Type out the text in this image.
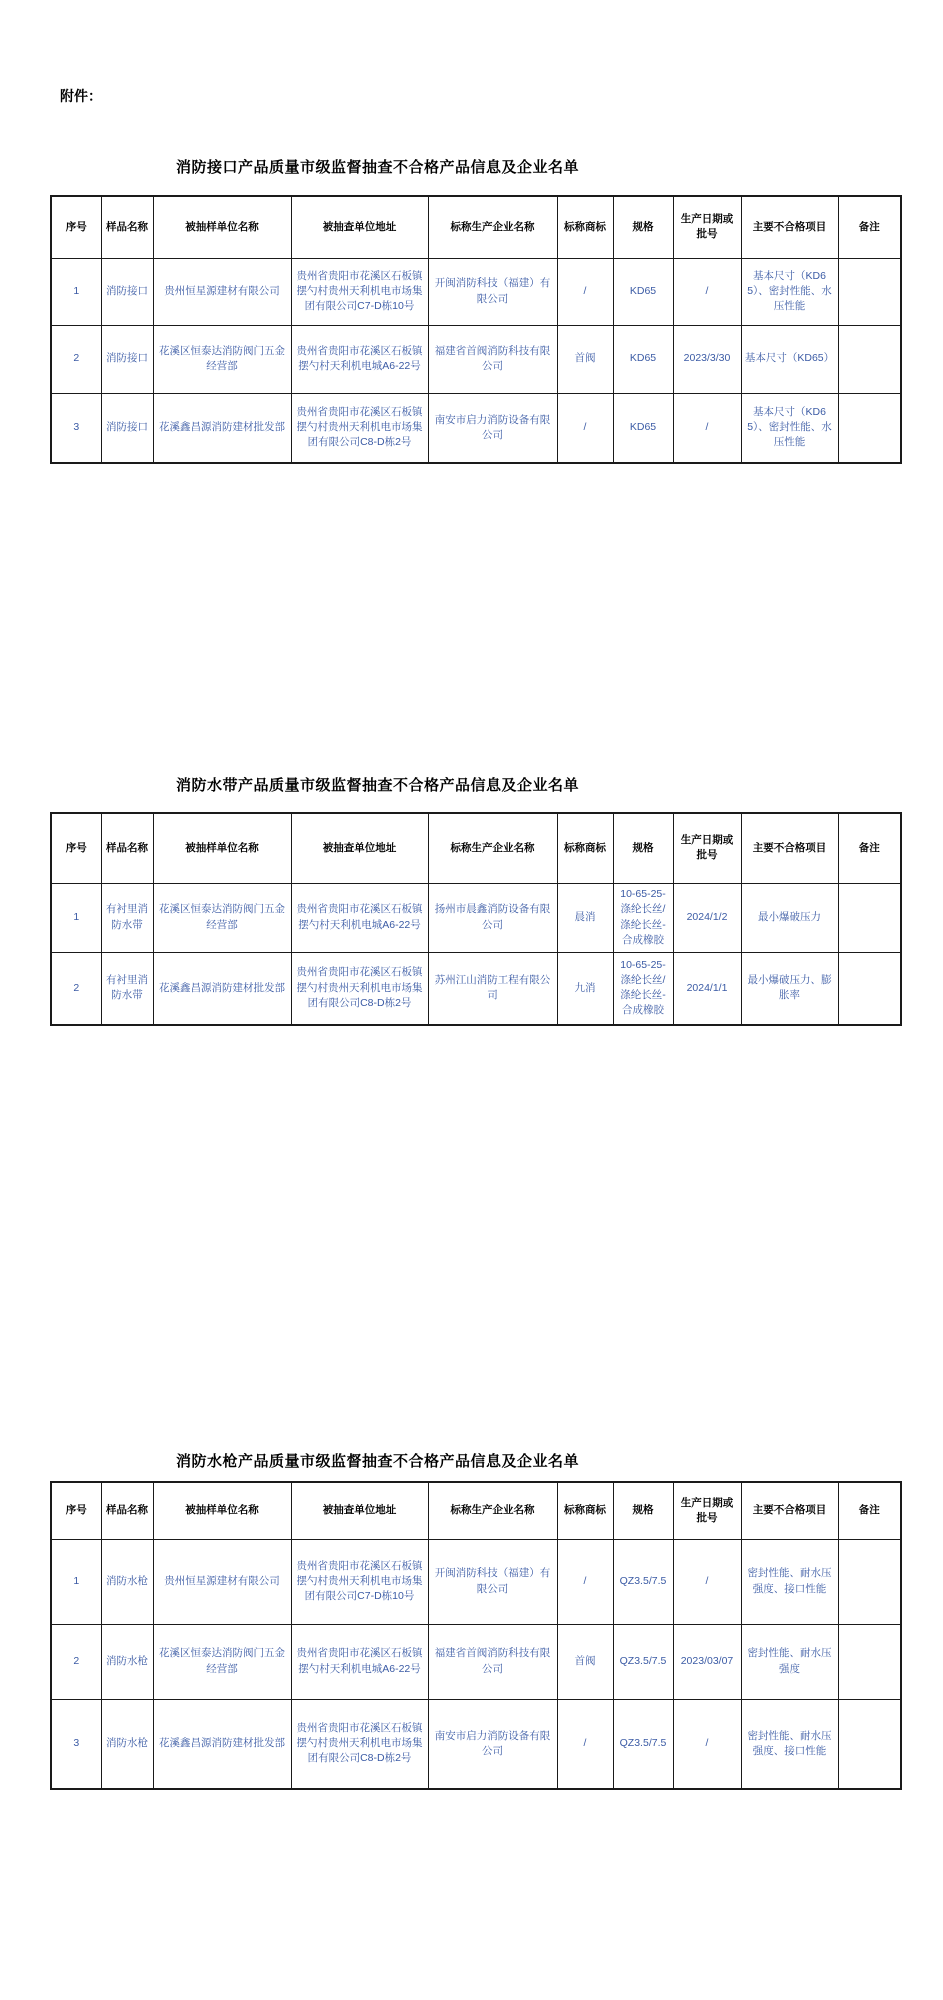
附件：
消防接口产品质量市级监督抽查不合格产品信息及企业名单
序号	样品名称	被抽样单位名称	被抽查单位地址	标称生产企业名称	标称商标	规格	生产日期或批号	主要不合格项目	备注
1	消防接口	贵州恒星源建材有限公司	贵州省贵阳市花溪区石板镇摆勺村贵州天利机电市场集团有限公司C7-D栋10号	开闽消防科技（福建）有限公司	/	KD65	/	基本尺寸（KD65）、密封性能、水压性能	
2	消防接口	花溪区恒泰达消防阀门五金经营部	贵州省贵阳市花溪区石板镇摆勺村天利机电城A6-22号	福建省首阀消防科技有限公司	首阀	KD65	2023/3/30	基本尺寸（KD65）	
3	消防接口	花溪鑫昌源消防建材批发部	贵州省贵阳市花溪区石板镇摆勺村贵州天利机电市场集团有限公司C8-D栋2号	南安市启力消防设备有限公司	/	KD65	/	基本尺寸（KD65）、密封性能、水压性能	
消防水带产品质量市级监督抽查不合格产品信息及企业名单
序号	样品名称	被抽样单位名称	被抽查单位地址	标称生产企业名称	标称商标	规格	生产日期或批号	主要不合格项目	备注
1	有衬里消防水带	花溪区恒泰达消防阀门五金经营部	贵州省贵阳市花溪区石板镇摆勺村天利机电城A6-22号	扬州市晨鑫消防设备有限公司	晨消	10-65-25-涤纶长丝/涤纶长丝-合成橡胶	2024/1/2	最小爆破压力	
2	有衬里消防水带	花溪鑫昌源消防建材批发部	贵州省贵阳市花溪区石板镇摆勺村贵州天利机电市场集团有限公司C8-D栋2号	苏州江山消防工程有限公司	九消	10-65-25-涤纶长丝/涤纶长丝-合成橡胶	2024/1/1	最小爆破压力、膨胀率	
消防水枪产品质量市级监督抽查不合格产品信息及企业名单
序号	样品名称	被抽样单位名称	被抽查单位地址	标称生产企业名称	标称商标	规格	生产日期或批号	主要不合格项目	备注
1	消防水枪	贵州恒星源建材有限公司	贵州省贵阳市花溪区石板镇摆勺村贵州天利机电市场集团有限公司C7-D栋10号	开闽消防科技（福建）有限公司	/	QZ3.5/7.5	/	密封性能、耐水压强度、接口性能	
2	消防水枪	花溪区恒泰达消防阀门五金经营部	贵州省贵阳市花溪区石板镇摆勺村天利机电城A6-22号	福建省首阀消防科技有限公司	首阀	QZ3.5/7.5	2023/03/07	密封性能、耐水压强度	
3	消防水枪	花溪鑫昌源消防建材批发部	贵州省贵阳市花溪区石板镇摆勺村贵州天利机电市场集团有限公司C8-D栋2号	南安市启力消防设备有限公司	/	QZ3.5/7.5	/	密封性能、耐水压强度、接口性能	
